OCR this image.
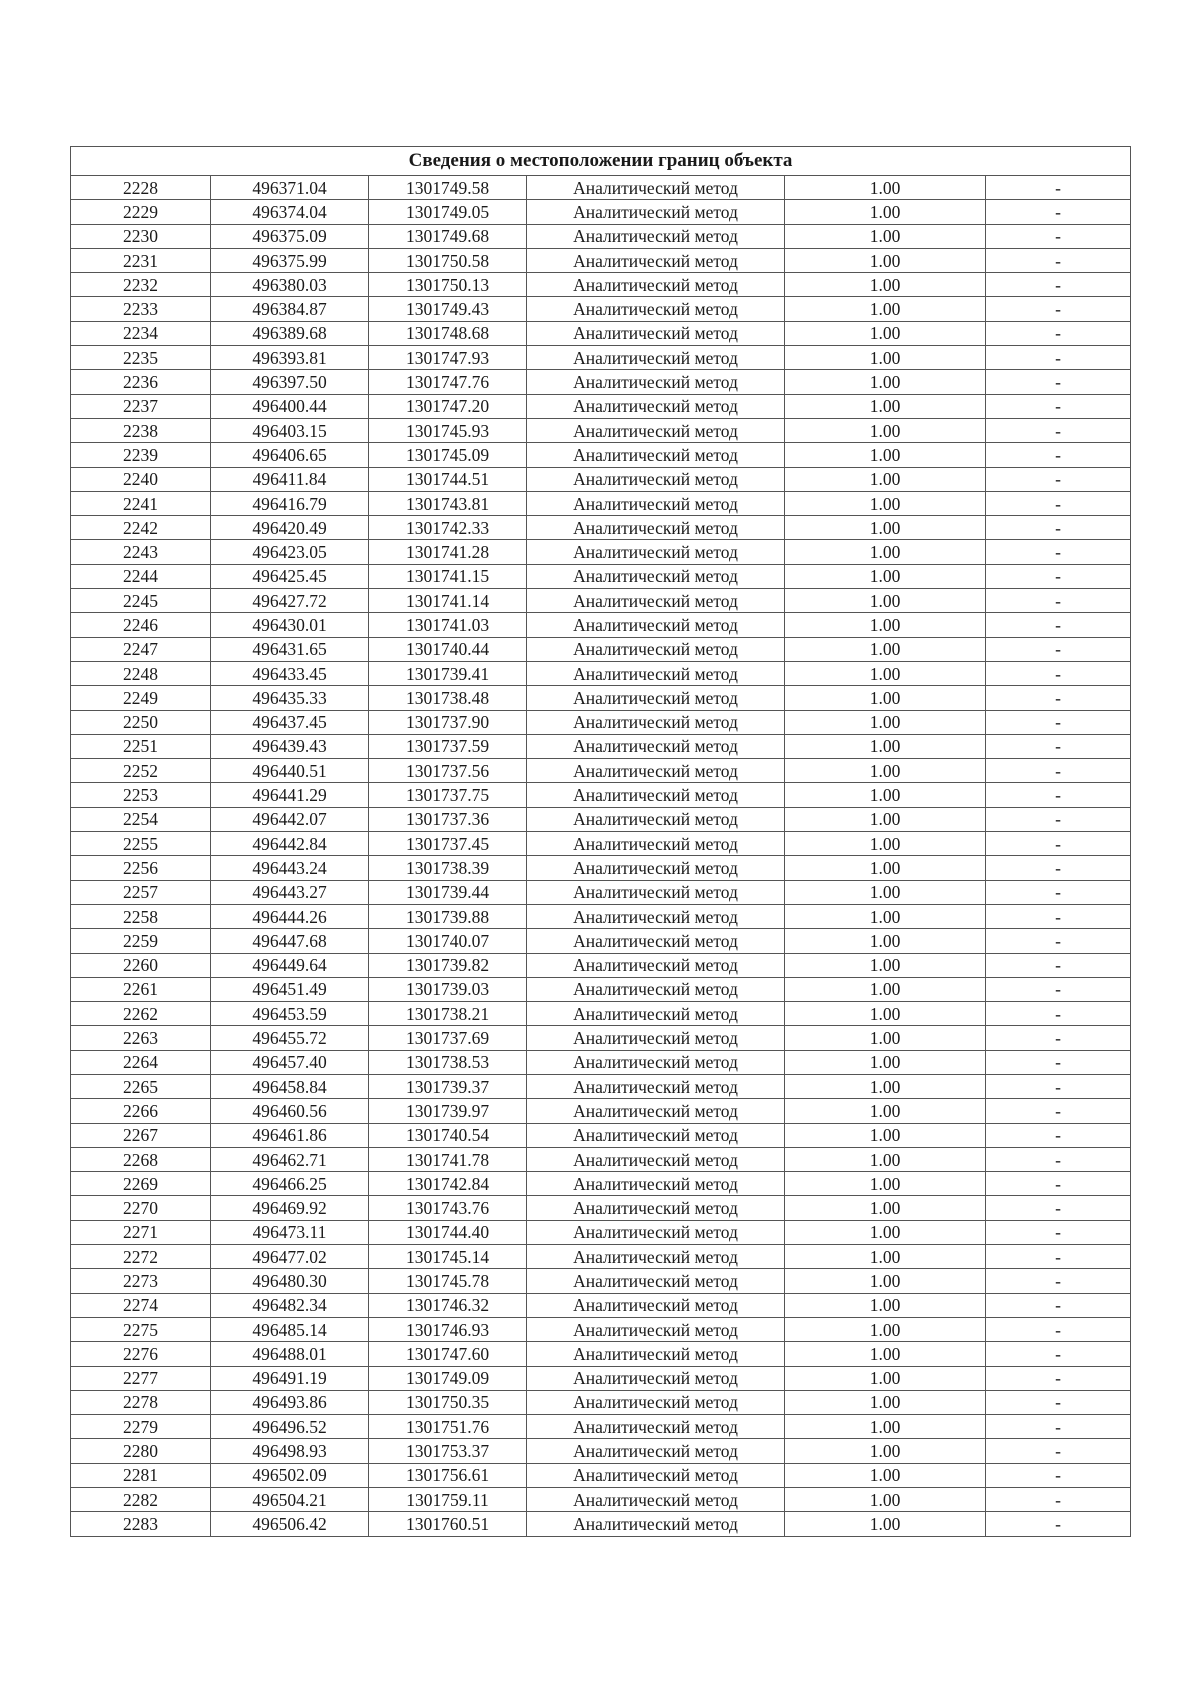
Сведения о местоположении границ объекта					
2228	496371.04	1301749.58	Аналитический метод	1.00	-
2229	496374.04	1301749.05	Аналитический метод	1.00	-
2230	496375.09	1301749.68	Аналитический метод	1.00	-
2231	496375.99	1301750.58	Аналитический метод	1.00	-
2232	496380.03	1301750.13	Аналитический метод	1.00	-
2233	496384.87	1301749.43	Аналитический метод	1.00	-
2234	496389.68	1301748.68	Аналитический метод	1.00	-
2235	496393.81	1301747.93	Аналитический метод	1.00	-
2236	496397.50	1301747.76	Аналитический метод	1.00	-
2237	496400.44	1301747.20	Аналитический метод	1.00	-
2238	496403.15	1301745.93	Аналитический метод	1.00	-
2239	496406.65	1301745.09	Аналитический метод	1.00	-
2240	496411.84	1301744.51	Аналитический метод	1.00	-
2241	496416.79	1301743.81	Аналитический метод	1.00	-
2242	496420.49	1301742.33	Аналитический метод	1.00	-
2243	496423.05	1301741.28	Аналитический метод	1.00	-
2244	496425.45	1301741.15	Аналитический метод	1.00	-
2245	496427.72	1301741.14	Аналитический метод	1.00	-
2246	496430.01	1301741.03	Аналитический метод	1.00	-
2247	496431.65	1301740.44	Аналитический метод	1.00	-
2248	496433.45	1301739.41	Аналитический метод	1.00	-
2249	496435.33	1301738.48	Аналитический метод	1.00	-
2250	496437.45	1301737.90	Аналитический метод	1.00	-
2251	496439.43	1301737.59	Аналитический метод	1.00	-
2252	496440.51	1301737.56	Аналитический метод	1.00	-
2253	496441.29	1301737.75	Аналитический метод	1.00	-
2254	496442.07	1301737.36	Аналитический метод	1.00	-
2255	496442.84	1301737.45	Аналитический метод	1.00	-
2256	496443.24	1301738.39	Аналитический метод	1.00	-
2257	496443.27	1301739.44	Аналитический метод	1.00	-
2258	496444.26	1301739.88	Аналитический метод	1.00	-
2259	496447.68	1301740.07	Аналитический метод	1.00	-
2260	496449.64	1301739.82	Аналитический метод	1.00	-
2261	496451.49	1301739.03	Аналитический метод	1.00	-
2262	496453.59	1301738.21	Аналитический метод	1.00	-
2263	496455.72	1301737.69	Аналитический метод	1.00	-
2264	496457.40	1301738.53	Аналитический метод	1.00	-
2265	496458.84	1301739.37	Аналитический метод	1.00	-
2266	496460.56	1301739.97	Аналитический метод	1.00	-
2267	496461.86	1301740.54	Аналитический метод	1.00	-
2268	496462.71	1301741.78	Аналитический метод	1.00	-
2269	496466.25	1301742.84	Аналитический метод	1.00	-
2270	496469.92	1301743.76	Аналитический метод	1.00	-
2271	496473.11	1301744.40	Аналитический метод	1.00	-
2272	496477.02	1301745.14	Аналитический метод	1.00	-
2273	496480.30	1301745.78	Аналитический метод	1.00	-
2274	496482.34	1301746.32	Аналитический метод	1.00	-
2275	496485.14	1301746.93	Аналитический метод	1.00	-
2276	496488.01	1301747.60	Аналитический метод	1.00	-
2277	496491.19	1301749.09	Аналитический метод	1.00	-
2278	496493.86	1301750.35	Аналитический метод	1.00	-
2279	496496.52	1301751.76	Аналитический метод	1.00	-
2280	496498.93	1301753.37	Аналитический метод	1.00	-
2281	496502.09	1301756.61	Аналитический метод	1.00	-
2282	496504.21	1301759.11	Аналитический метод	1.00	-
2283	496506.42	1301760.51	Аналитический метод	1.00	-
